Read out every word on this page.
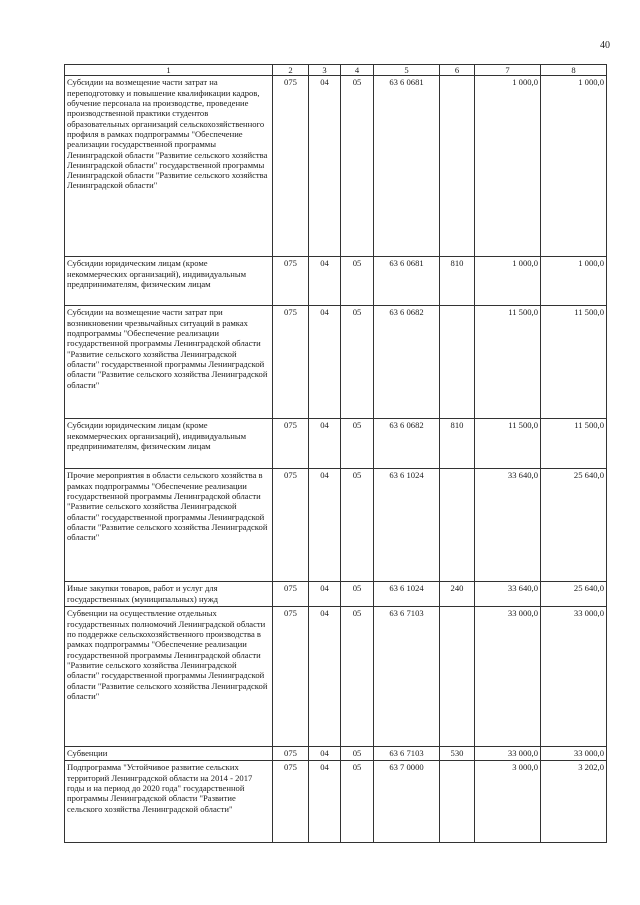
40
1	2	3	4	5	6	7	8
Субсидии на возмещение части затрат на переподготовку и повышение квалификации кадров, обучение персонала на производстве, проведение производственной практики студентов образовательных организаций сельскохозяйственного профиля в рамках подпрограммы "Обеспечение реализации государственной программы Ленинградской области "Развитие сельского хозяйства Ленинградской области" государственной программы Ленинградской области "Развитие сельского хозяйства Ленинградской области"	075	04	05	63 6 0681		1 000,0	1 000,0
Субсидии юридическим лицам (кроме некоммерческих организаций), индивидуальным предпринимателям, физическим лицам	075	04	05	63 6 0681	810	1 000,0	1 000,0
Субсидии на возмещение части затрат при возникновении чрезвычайных ситуаций в рамках подпрограммы "Обеспечение реализации государственной программы Ленинградской области "Развитие сельского хозяйства Ленинградской области" государственной программы Ленинградской области "Развитие сельского хозяйства Ленинградской области"	075	04	05	63 6 0682		11 500,0	11 500,0
Субсидии юридическим лицам (кроме некоммерческих организаций), индивидуальным предпринимателям, физическим лицам	075	04	05	63 6 0682	810	11 500,0	11 500,0
Прочие мероприятия в области сельского хозяйства в рамках подпрограммы "Обеспечение реализации государственной программы Ленинградской области "Развитие сельского хозяйства Ленинградской области" государственной программы Ленинградской области "Развитие сельского хозяйства Ленинградской области"	075	04	05	63 6 1024		33 640,0	25 640,0
Иные закупки товаров, работ и услуг для государственных (муниципальных) нужд	075	04	05	63 6 1024	240	33 640,0	25 640,0
Субвенции на осуществление отдельных государственных полномочий Ленинградской области по поддержке сельскохозяйственного производства в рамках подпрограммы "Обеспечение реализации государственной программы Ленинградской области "Развитие сельского хозяйства Ленинградской области" государственной программы Ленинградской области "Развитие сельского хозяйства Ленинградской области"	075	04	05	63 6 7103		33 000,0	33 000,0
Субвенции	075	04	05	63 6 7103	530	33 000,0	33 000,0
Подпрограмма "Устойчивое развитие сельских территорий Ленинградской области на 2014 - 2017 годы и на период до 2020 года" государственной программы Ленинградской области "Развитие сельского хозяйства Ленинградской области"	075	04	05	63 7 0000		3 000,0	3 202,0
